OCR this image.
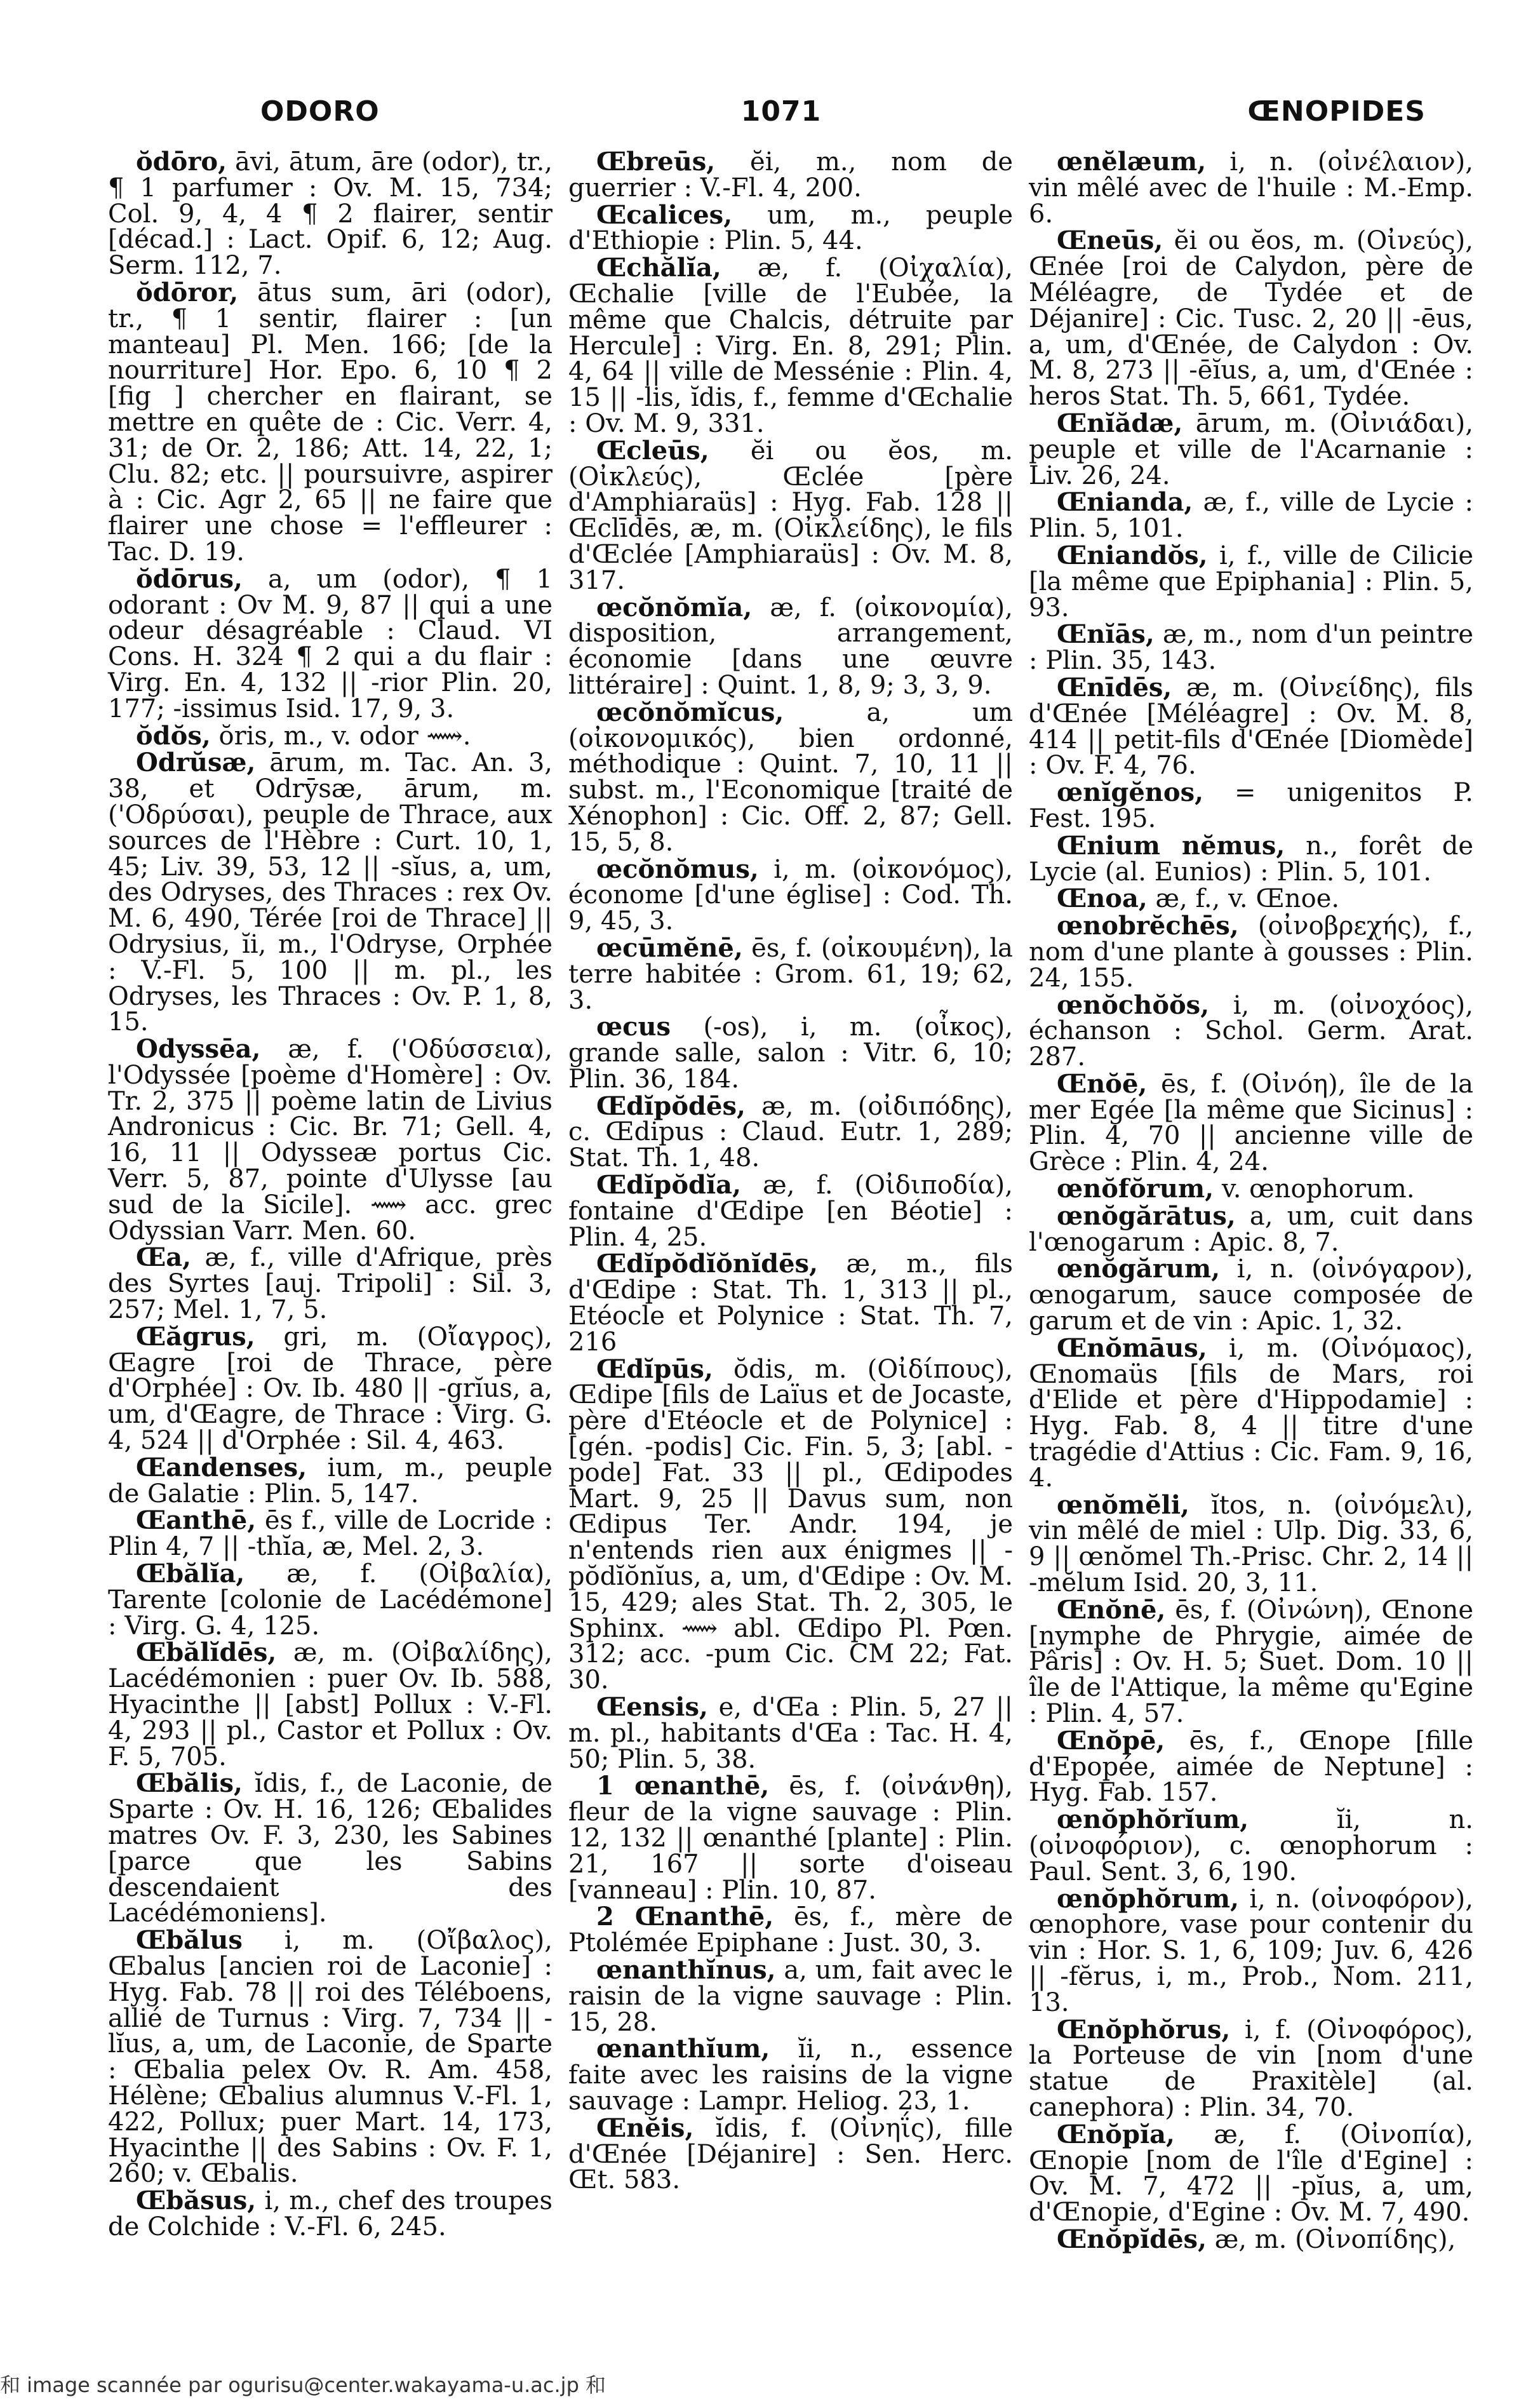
ODORO	1071	ŒNOPIDES

ŏdōro, āvi, ātum, āre (odor), tr., ¶ 1 parfumer : Ov. M. 15, 734; Col. 9, 4, 4 ¶ 2 flairer, sentir [décad.] : Lact. Opif. 6, 12; Aug. Serm. 112, 7.

ŏdōror, ātus sum, āri (odor), tr., ¶ 1 sentir, flairer : [un manteau] Pl. Men. 166; [de la nourriture] Hor. Epo. 6, 10 ¶ 2 [fig ] chercher en flairant, se mettre en quête de : Cic. Verr. 4, 31; de Or. 2, 186; Att. 14, 22, 1; Clu. 82; etc. || poursuivre, aspirer à : Cic. Agr 2, 65 || ne faire que flairer une chose = l'effleurer : Tac. D. 19.

ŏdōrus, a, um (odor), ¶ 1 odorant : Ov M. 9, 87 || qui a une odeur désagréable : Claud. VI Cons. H. 324 ¶ 2 qui a du flair : Virg. En. 4, 132 || -rior Plin. 20, 177; -issimus Isid. 17, 9, 3.

ŏdŏs, ŏris, m., v. odor ⟿.

Odrŭsæ, ārum, m. Tac. An. 3, 38, et Odrȳsæ, ārum, m. ('Οδρύσαι), peuple de Thrace, aux sources de l'Hèbre : Curt. 10, 1, 45; Liv. 39, 53, 12 || -sĭus, a, um, des Odryses, des Thraces : rex Ov. M. 6, 490, Térée [roi de Thrace] || Odrysius, ĭi, m., l'Odryse, Orphée : V.-Fl. 5, 100 || m. pl., les Odryses, les Thraces : Ov. P. 1, 8, 15.

Odyssēa, æ, f. ('Οδύσσεια), l'Odyssée [poème d'Homère] : Ov. Tr. 2, 375 || poème latin de Livius Andronicus : Cic. Br. 71; Gell. 4, 16, 11 || Odysseæ portus Cic. Verr. 5, 87, pointe d'Ulysse [au sud de la Sicile]. ⟿ acc. grec Odyssian Varr. Men. 60.

Œa, æ, f., ville d'Afrique, près des Syrtes [auj. Tripoli] : Sil. 3, 257; Mel. 1, 7, 5.

Œăgrus, gri, m. (Οἴαγρος), Œagre [roi de Thrace, père d'Orphée] : Ov. Ib. 480 || -grĭus, a, um, d'Œagre, de Thrace : Virg. G. 4, 524 || d'Orphée : Sil. 4, 463.

Œandenses, ium, m., peuple de Galatie : Plin. 5, 147.

Œanthē, ēs f., ville de Locride : Plin 4, 7 || -thĭa, æ, Mel. 2, 3.

Œbălĭa, æ, f. (Οἰβαλία), Tarente [colonie de Lacédémone] : Virg. G. 4, 125.

Œbălĭdēs, æ, m. (Οἰβαλίδης), Lacédémonien : puer Ov. Ib. 588, Hyacinthe || [abst] Pollux : V.-Fl. 4, 293 || pl., Castor et Pollux : Ov. F. 5, 705.

Œbălis, ĭdis, f., de Laconie, de Sparte : Ov. H. 16, 126; Œbalides matres Ov. F. 3, 230, les Sabines [parce que les Sabins descendaient des Lacédémoniens].

Œbălus i, m. (Οἴβαλος), Œbalus [ancien roi de Laconie] : Hyg. Fab. 78 || roi des Téléboens, allié de Turnus : Virg. 7, 734 || -lĭus, a, um, de Laconie, de Sparte : Œbalia pelex Ov. R. Am. 458, Hélène; Œbalius alumnus V.-Fl. 1, 422, Pollux; puer Mart. 14, 173, Hyacinthe || des Sabins : Ov. F. 1, 260; v. Œbalis.

Œbăsus, i, m., chef des troupes de Colchide : V.-Fl. 6, 245.

Œbreūs, ĕi, m., nom de guerrier : V.-Fl. 4, 200.

Œcalices, um, m., peuple d'Ethiopie : Plin. 5, 44.

Œchălĭa, æ, f. (Οἰχαλία), Œchalie [ville de l'Eubée, la même que Chalcis, détruite par Hercule] : Virg. En. 8, 291; Plin. 4, 64 || ville de Messénie : Plin. 4, 15 || -lis, ĭdis, f., femme d'Œchalie : Ov. M. 9, 331.

Œcleūs, ĕi ou ĕos, m. (Οἰκλεύς), Œclée [père d'Amphiaraüs] : Hyg. Fab. 128 || Œclīdēs, æ, m. (Οἰκλείδης), le fils d'Œclée [Amphiaraüs] : Ov. M. 8, 317.

œcŏnŏmĭa, æ, f. (οἰκονομία), disposition, arrangement, économie [dans une œuvre littéraire] : Quint. 1, 8, 9; 3, 3, 9.

œcŏnŏmĭcus, a, um (οἰκονομικός), bien ordonné, méthodique : Quint. 7, 10, 11 || subst. m., l'Economique [traité de Xénophon] : Cic. Off. 2, 87; Gell. 15, 5, 8.

œcŏnŏmus, i, m. (οἰκονόμος), économe [d'une église] : Cod. Th. 9, 45, 3.

œcūmĕnē, ēs, f. (οἰκουμένη), la terre habitée : Grom. 61, 19; 62, 3.

œcus (-os), i, m. (οἶκος), grande salle, salon : Vitr. 6, 10; Plin. 36, 184.

Œdĭpŏdēs, æ, m. (οἰδιπόδης), c. Œdipus : Claud. Eutr. 1, 289; Stat. Th. 1, 48.

Œdĭpŏdĭa, æ, f. (Οἰδιποδία), fontaine d'Œdipe [en Béotie] : Plin. 4, 25.

Œdĭpŏdĭŏnĭdēs, æ, m., fils d'Œdipe : Stat. Th. 1, 313 || pl., Etéocle et Polynice : Stat. Th. 7, 216

Œdĭpūs, ŏdis, m. (Οἰδίπους), Œdipe [fils de Laïus et de Jocaste, père d'Etéocle et de Polynice] : [gén. -podis] Cic. Fin. 5, 3; [abl. -pode] Fat. 33 || pl., Œdipodes Mart. 9, 25 || Davus sum, non Œdipus Ter. Andr. 194, je n'entends rien aux énigmes || -pŏdĭŏnĭus, a, um, d'Œdipe : Ov. M. 15, 429; ales Stat. Th. 2, 305, le Sphinx. ⟿ abl. Œdipo Pl. Pœn. 312; acc. -pum Cic. CM 22; Fat. 30.

Œensis, e, d'Œa : Plin. 5, 27 || m. pl., habitants d'Œa : Tac. H. 4, 50; Plin. 5, 38.

1 œnanthē, ēs, f. (οἰνάνθη), fleur de la vigne sauvage : Plin. 12, 132 || œnanthé [plante] : Plin. 21, 167 || sorte d'oiseau [vanneau] : Plin. 10, 87.

2 Œnanthē, ēs, f., mère de Ptolémée Epiphane : Just. 30, 3.

œnanthĭnus, a, um, fait avec le raisin de la vigne sauvage : Plin. 15, 28.

œnanthĭum, ĭi, n., essence faite avec les raisins de la vigne sauvage : Lampr. Heliog. 23, 1.

Œnĕis, ĭdis, f. (Οἰνηΐς), fille d'Œnée [Déjanire] : Sen. Herc. Œt. 583.

œnĕlæum, i, n. (οἰνέλαιον), vin mêlé avec de l'huile : M.-Emp. 6.

Œneūs, ĕi ou ĕos, m. (Οἰνεύς), Œnée [roi de Calydon, père de Méléagre, de Tydée et de Déjanire] : Cic. Tusc. 2, 20 || -ēus, a, um, d'Œnée, de Calydon : Ov. M. 8, 273 || -ēĭus, a, um, d'Œnée : heros Stat. Th. 5, 661, Tydée.

Œnĭădæ, ārum, m. (Οἰνιάδαι), peuple et ville de l'Acarnanie : Liv. 26, 24.

Œnianda, æ, f., ville de Lycie : Plin. 5, 101.

Œniandŏs, i, f., ville de Cilicie [la même que Epiphania] : Plin. 5, 93.

Œnĭās, æ, m., nom d'un peintre : Plin. 35, 143.

Œnīdēs, æ, m. (Οἰνείδης), fils d'Œnée [Méléagre] : Ov. M. 8, 414 || petit-fils d'Œnée [Diomède] : Ov. F. 4, 76.

œnĭgĕnos, = unigenitos P. Fest. 195.

Œnium nĕmus, n., forêt de Lycie (al. Eunios) : Plin. 5, 101.

Œnoa, æ, f., v. Œnoe.

œnobrĕchēs, (οἰνοβρεχής), f., nom d'une plante à gousses : Plin. 24, 155.

œnŏchŏŏs, i, m. (οἰνοχόος), échanson : Schol. Germ. Arat. 287.

Œnŏē, ēs, f. (Οἰνόη), île de la mer Egée [la même que Sicinus] : Plin. 4, 70 || ancienne ville de Grèce : Plin. 4, 24.

œnŏfŏrum, v. œnophorum.

œnŏgărātus, a, um, cuit dans l'œnogarum : Apic. 8, 7.

œnŏgărum, i, n. (οἰνόγαρον), œnogarum, sauce composée de garum et de vin : Apic. 1, 32.

Œnŏmāus, i, m. (Οἰνόμαος), Œnomaüs [fils de Mars, roi d'Elide et père d'Hippodamie] : Hyg. Fab. 8, 4 || titre d'une tragédie d'Attius : Cic. Fam. 9, 16, 4.

œnŏmĕli, ĭtos, n. (οἰνόμελι), vin mêlé de miel : Ulp. Dig. 33, 6, 9 || œnŏmel Th.-Prisc. Chr. 2, 14 || -mĕlum Isid. 20, 3, 11.

Œnŏnē, ēs, f. (Οἰνώνη), Œnone [nymphe de Phrygie, aimée de Pâris] : Ov. H. 5; Suet. Dom. 10 || île de l'Attique, la même qu'Egine : Plin. 4, 57.

Œnŏpē, ēs, f., Œnope [fille d'Epopée, aimée de Neptune] : Hyg. Fab. 157.

œnŏphŏrĭum, ĭi, n. (οἰνοφόριον), c. œnophorum : Paul. Sent. 3, 6, 190.

œnŏphŏrum, i, n. (οἰνοφόρον), œnophore, vase pour contenir du vin : Hor. S. 1, 6, 109; Juv. 6, 426 || -fĕrus, i, m., Prob., Nom. 211, 13.

Œnŏphŏrus, i, f. (Οἰνοφόρος), la Porteuse de vin [nom d'une statue de Praxitèle] (al. canephora) : Plin. 34, 70.

Œnŏpĭa, æ, f. (Οἰνοπία), Œnopie [nom de l'île d'Egine] : Ov. M. 7, 472 || -pĭus, a, um, d'Œnopie, d'Egine : Ov. M. 7, 490.

Œnŏpĭdēs, æ, m. (Οἰνοπίδης),

和 image scannée par ogurisu@center.wakayama-u.ac.jp 和
